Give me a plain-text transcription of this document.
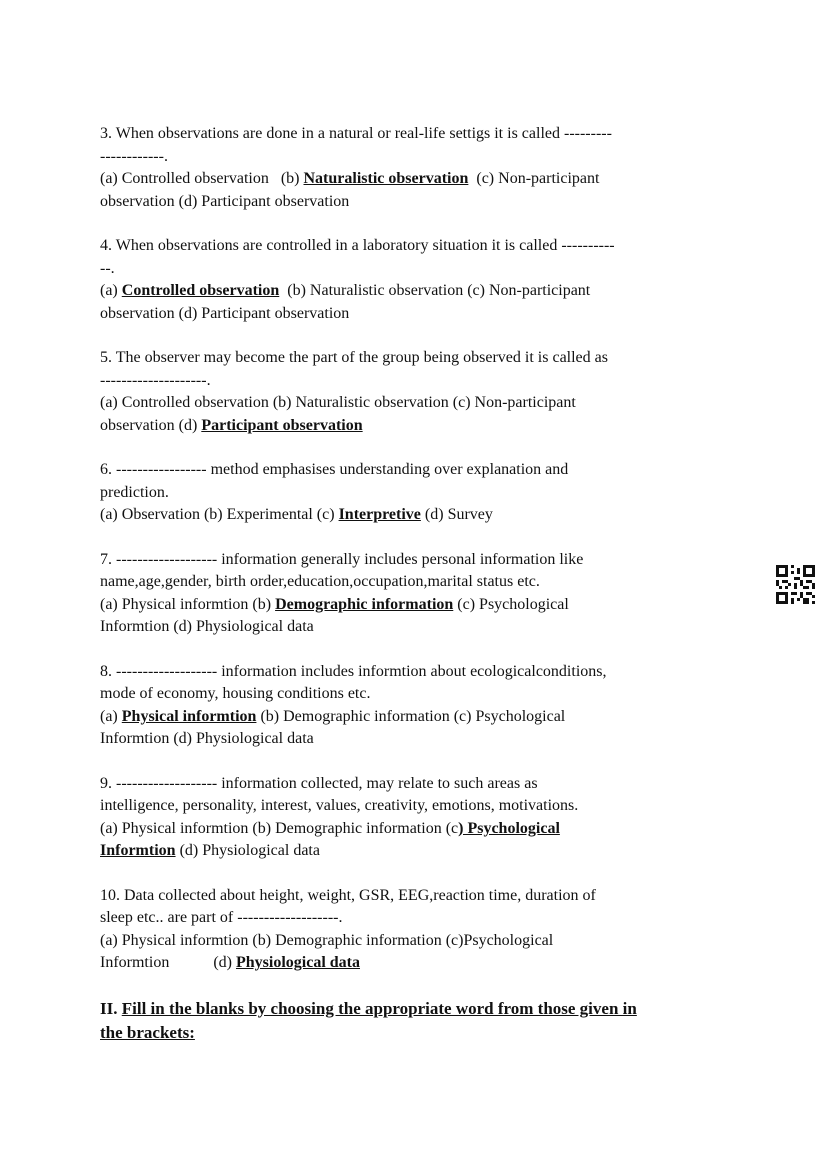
3. When observations are done in a natural or real-life settigs it is called ---------

------------.

(a) Controlled observation (b) Naturalistic observation (c) Non-participant

observation (d) Participant observation

4. When observations are controlled in a laboratory situation it is called ----------

--.

(a) Controlled observation (b) Naturalistic observation (c) Non-participant

observation (d) Participant observation

5. The observer may become the part of the group being observed it is called as

--------------------.

(a) Controlled observation (b) Naturalistic observation (c) Non-participant

observation (d) Participant observation

6. ----------------- method emphasises understanding over explanation and

prediction.

(a) Observation (b) Experimental (c) Interpretive (d) Survey

7. ------------------- information generally includes personal information like

name,age,gender, birth order,education,occupation,marital status etc.

(a) Physical informtion (b) Demographic information (c) Psychological

Informtion (d) Physiological data

8. ------------------- information includes informtion about ecologicalconditions,

mode of economy, housing conditions etc.

(a) Physical informtion (b) Demographic information (c) Psychological

Informtion (d) Physiological data

9. ------------------- information collected, may relate to such areas as

intelligence, personality, interest, values, creativity, emotions, motivations.

(a) Physical informtion (b) Demographic information (c) Psychological

Informtion (d) Physiological data

10. Data collected about height, weight, GSR, EEG,reaction time, duration of

sleep etc.. are part of -------------------.

(a) Physical informtion (b) Demographic information (c)Psychological

Informtion           (d) Physiological data

II. Fill in the blanks by choosing the appropriate word from those given in
the brackets:
